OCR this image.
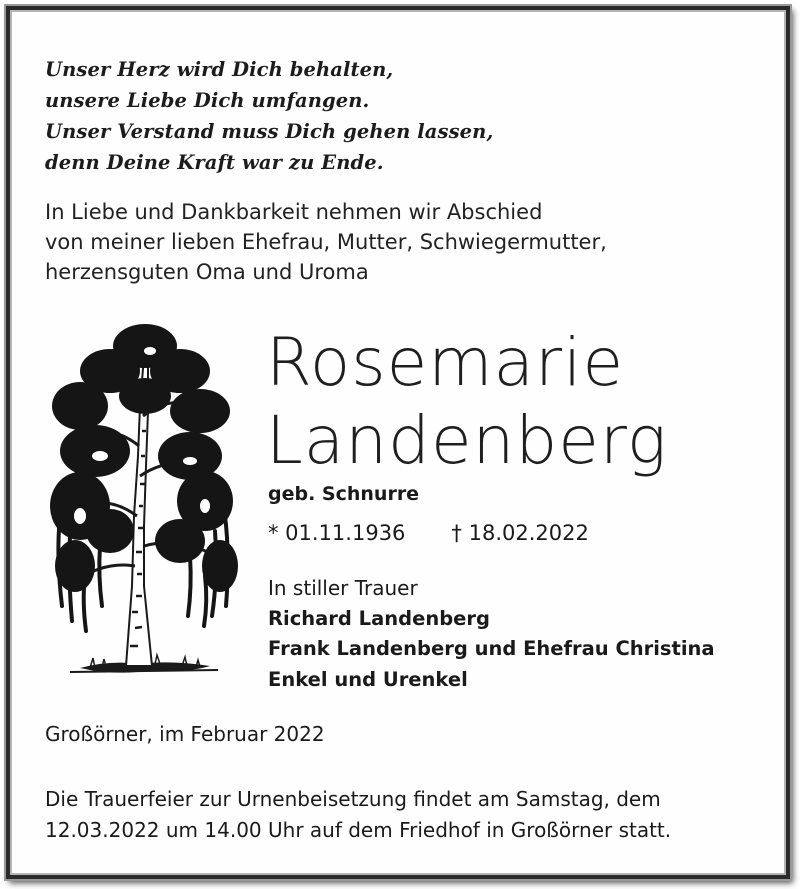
Unser Herz wird Dich behalten,
unsere Liebe Dich umfangen.
Unser Verstand muss Dich gehen lassen,
denn Deine Kraft war zu Ende.
In Liebe und Dankbarkeit nehmen wir Abschied
von meiner lieben Ehefrau, Mutter, Schwiegermutter,
herzensguten Oma und Uroma
Rosemarie
Landenberg
geb. Schnurre
* 01.11.1936 † 18.02.2022
In stiller Trauer
Richard Landenberg
Frank Landenberg und Ehefrau Christina
Enkel und Urenkel
Großörner, im Februar 2022
Die Trauerfeier zur Urnenbeisetzung findet am Samstag, dem
12.03.2022 um 14.00 Uhr auf dem Friedhof in Großörner statt.
